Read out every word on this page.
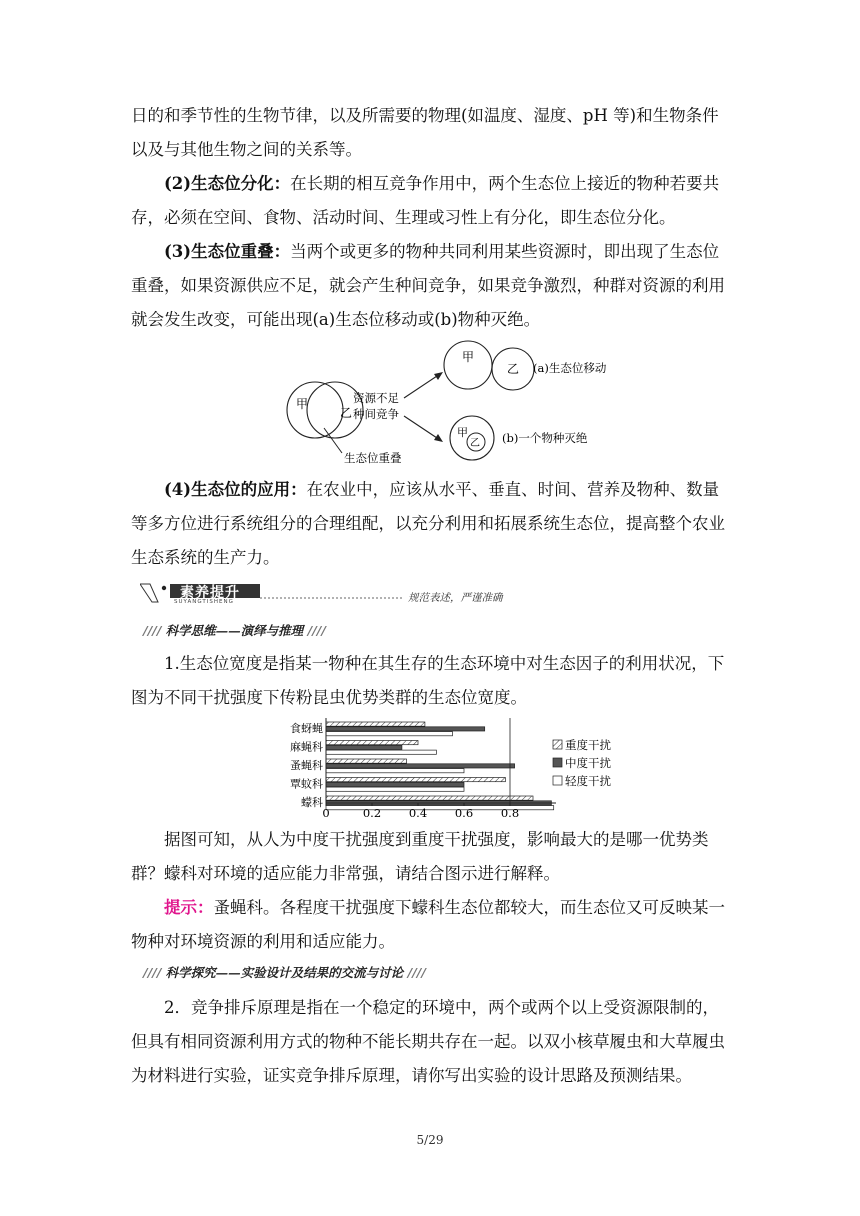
日的和季节性的生物节律，以及所需要的物理(如温度、湿度、pH 等)和生物条件以及与其他生物之间的关系等。

(2)生态位分化：在长期的相互竞争作用中，两个生态位上接近的物种若要共存，必须在空间、食物、活动时间、生理或习性上有分化，即生态位分化。

(3)生态位重叠：当两个或更多的物种共同利用某些资源时，即出现了生态位重叠，如果资源供应不足，就会产生种间竞争，如果竞争激烈，种群对资源的利用就会发生改变，可能出现(a)生态位移动或(b)物种灭绝。

甲
乙
生态位重叠
资源不足
种间竞争
甲
乙 (a)生态位移动
甲
乙 (b)一个物种灭绝

(4)生态位的应用：在农业中，应该从水平、垂直、时间、营养及物种、数量等多方位进行系统组分的合理组配，以充分利用和拓展系统生态位，提高整个农业生态系统的生产力。

素养提升
SUYANGTISHENG	规范表述，严谨准确
//// 科学思维——演绎与推理 ////

1.生态位宽度是指某一物种在其生存的生态环境中对生态因子的利用状况，下图为不同干扰强度下传粉昆虫优势类群的生态位宽度。

食蚜蝇
麻蝇科
蚤蝇科
覃蚊科
蠓科
0	0.2 0.4 0.6 0.8
重度干扰
中度干扰
轻度干扰

据图可知，从人为中度干扰强度到重度干扰强度，影响最大的是哪一优势类群？蠓科对环境的适应能力非常强，请结合图示进行解释。

提示：蚤蝇科。各程度干扰强度下蠓科生态位都较大，而生态位又可反映某一物种对环境资源的利用和适应能力。

//// 科学探究——实验设计及结果的交流与讨论 ////

2．竞争排斥原理是指在一个稳定的环境中，两个或两个以上受资源限制的，但具有相同资源利用方式的物种不能长期共存在一起。以双小核草履虫和大草履虫为材料进行实验，证实竞争排斥原理，请你写出实验的设计思路及预测结果。

5/29
